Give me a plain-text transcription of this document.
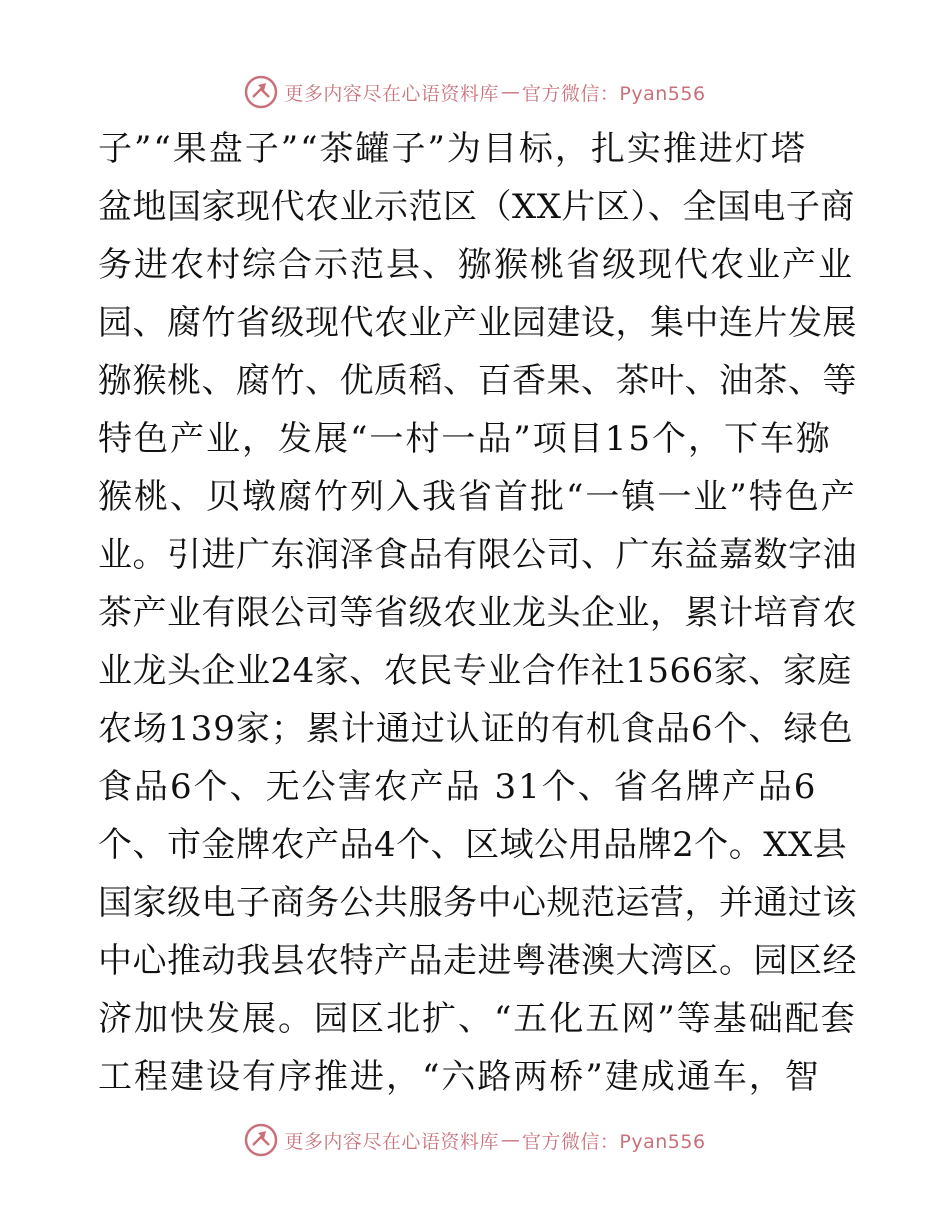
更多内容尽在心语资料库 — 官方微信：Pyan556

子”“果盘子”“茶罐子”为目标，扎实推进灯塔

盆地国家现代农业示范区（XX片区）、全国电子商

务进农村综合示范县、猕猴桃省级现代农业产业

园、腐竹省级现代农业产业园建设，集中连片发展

猕猴桃、腐竹、优质稻、百香果、茶叶、油茶、等

特色产业，发展“一村一品”项目15个，下车猕

猴桃、贝墩腐竹列入我省首批“一镇一业”特色产

业。引进广东润泽食品有限公司、广东益嘉数字油

茶产业有限公司等省级农业龙头企业，累计培育农

业龙头企业24家、农民专业合作社1566家、家庭

农场139家；累计通过认证的有机食品6个、绿色

食品6个、无公害农产品 31个、省名牌产品6

个、市金牌农产品4个、区域公用品牌2个。XX县

国家级电子商务公共服务中心规范运营，并通过该

中心推动我县农特产品走进粤港澳大湾区。园区经

济加快发展。园区北扩、“五化五网”等基础配套

工程建设有序推进，“六路两桥”建成通车，智

更多内容尽在心语资料库 — 官方微信：Pyan556
